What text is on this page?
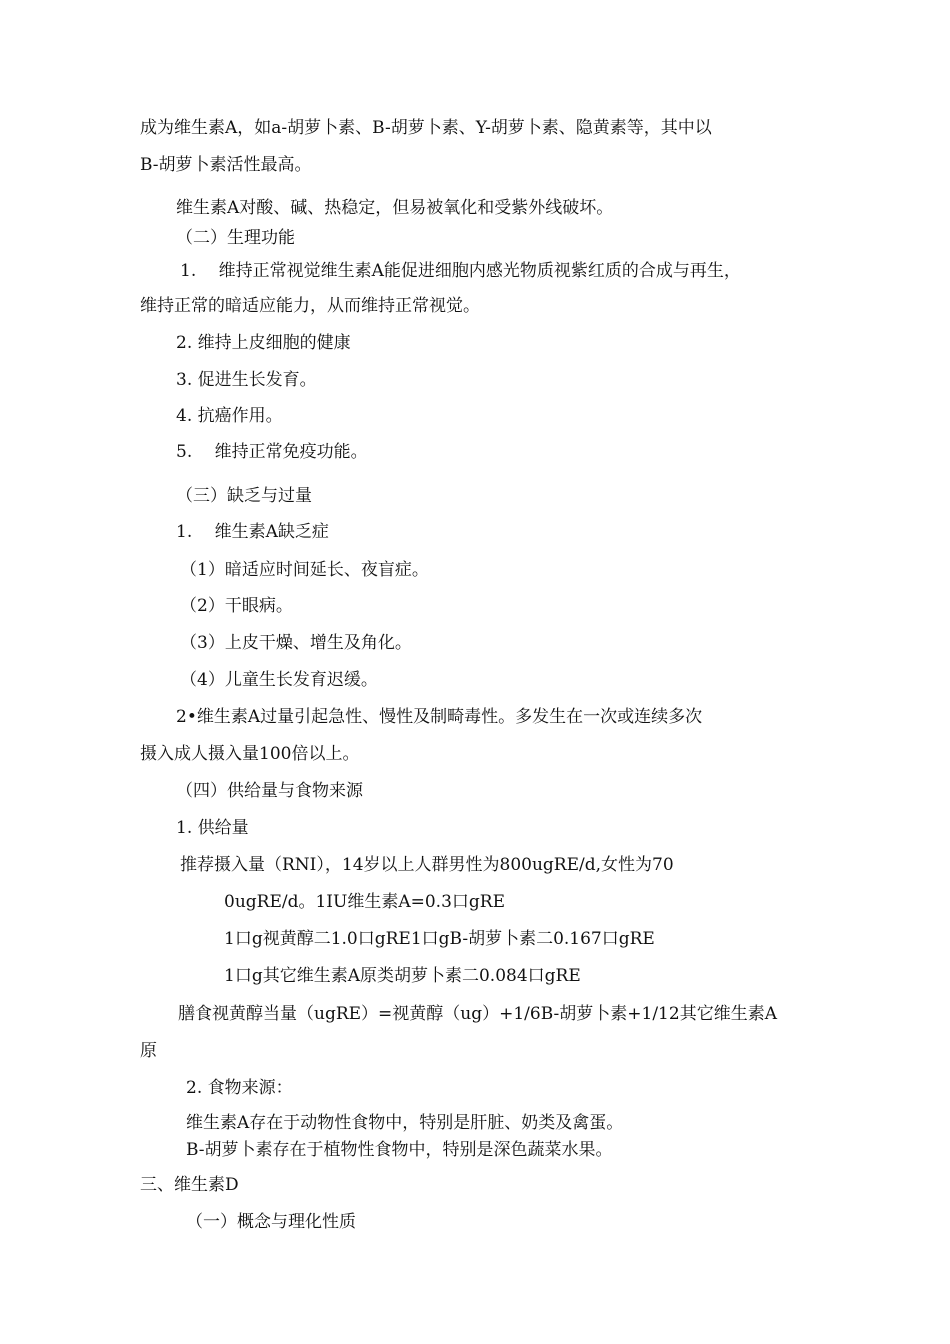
成为维生素A，如a-胡萝卜素、B-胡萝卜素、Y-胡萝卜素、隐黄素等，其中以
B-胡萝卜素活性最高。
维生素A对酸、碱、热稳定，但易被氧化和受紫外线破坏。
（二）生理功能
1.　 维持正常视觉维生素A能促进细胞内感光物质视紫红质的合成与再生，
维持正常的暗适应能力，从而维持正常视觉。
2. 维持上皮细胞的健康
3. 促进生长发育。
4. 抗癌作用。
5.　 维持正常免疫功能。
（三）缺乏与过量
1.　 维生素A缺乏症
（1）暗适应时间延长、夜盲症。
（2）干眼病。
（3）上皮干燥、增生及角化。
（4）儿童生长发育迟缓。
2•维生素A过量引起急性、慢性及制畸毒性。多发生在一次或连续多次
摄入成人摄入量100倍以上。
（四）供给量与食物来源
1. 供给量
推荐摄入量（RNI），14岁以上人群男性为800ugRE/d,女性为70
0ugRE/d。1IU维生素A=0.3口gRE
1口g视黄醇二1.0口gRE1口gB-胡萝卜素二0.167口gRE
1口g其它维生素A原类胡萝卜素二0.084口gRE
膳食视黄醇当量（ugRE）=视黄醇（ug）+1/6B-胡萝卜素+1/12其它维生素A
原
2. 食物来源：
维生素A存在于动物性食物中，特别是肝脏、奶类及禽蛋。
B-胡萝卜素存在于植物性食物中，特别是深色蔬菜水果。
三、维生素D
（一）概念与理化性质
